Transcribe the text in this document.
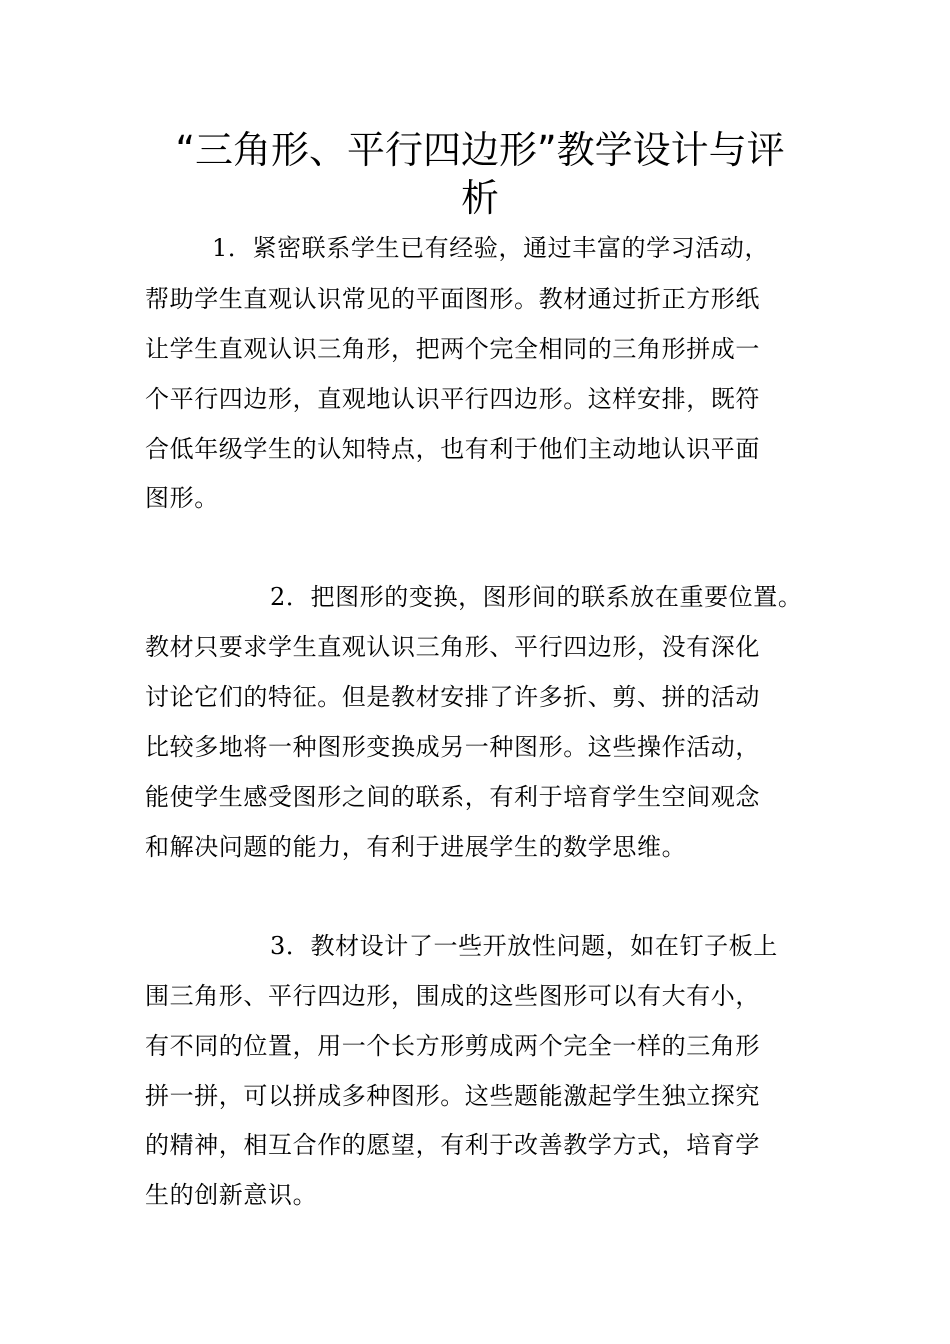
“三角形、平行四边形”教学设计与评
析
1．紧密联系学生已有经验，通过丰富的学习活动，
帮助学生直观认识常见的平面图形。教材通过折正方形纸
让学生直观认识三角形，把两个完全相同的三角形拼成一
个平行四边形，直观地认识平行四边形。这样安排，既符
合低年级学生的认知特点，也有利于他们主动地认识平面
图形。
2．把图形的变换，图形间的联系放在重要位置。
教材只要求学生直观认识三角形、平行四边形，没有深化
讨论它们的特征。但是教材安排了许多折、剪、拼的活动
比较多地将一种图形变换成另一种图形。这些操作活动，
能使学生感受图形之间的联系，有利于培育学生空间观念
和解决问题的能力，有利于进展学生的数学思维。
3．教材设计了一些开放性问题，如在钉子板上
围三角形、平行四边形，围成的这些图形可以有大有小，
有不同的位置，用一个长方形剪成两个完全一样的三角形
拼一拼，可以拼成多种图形。这些题能激起学生独立探究
的精神，相互合作的愿望，有利于改善教学方式，培育学
生的创新意识。
